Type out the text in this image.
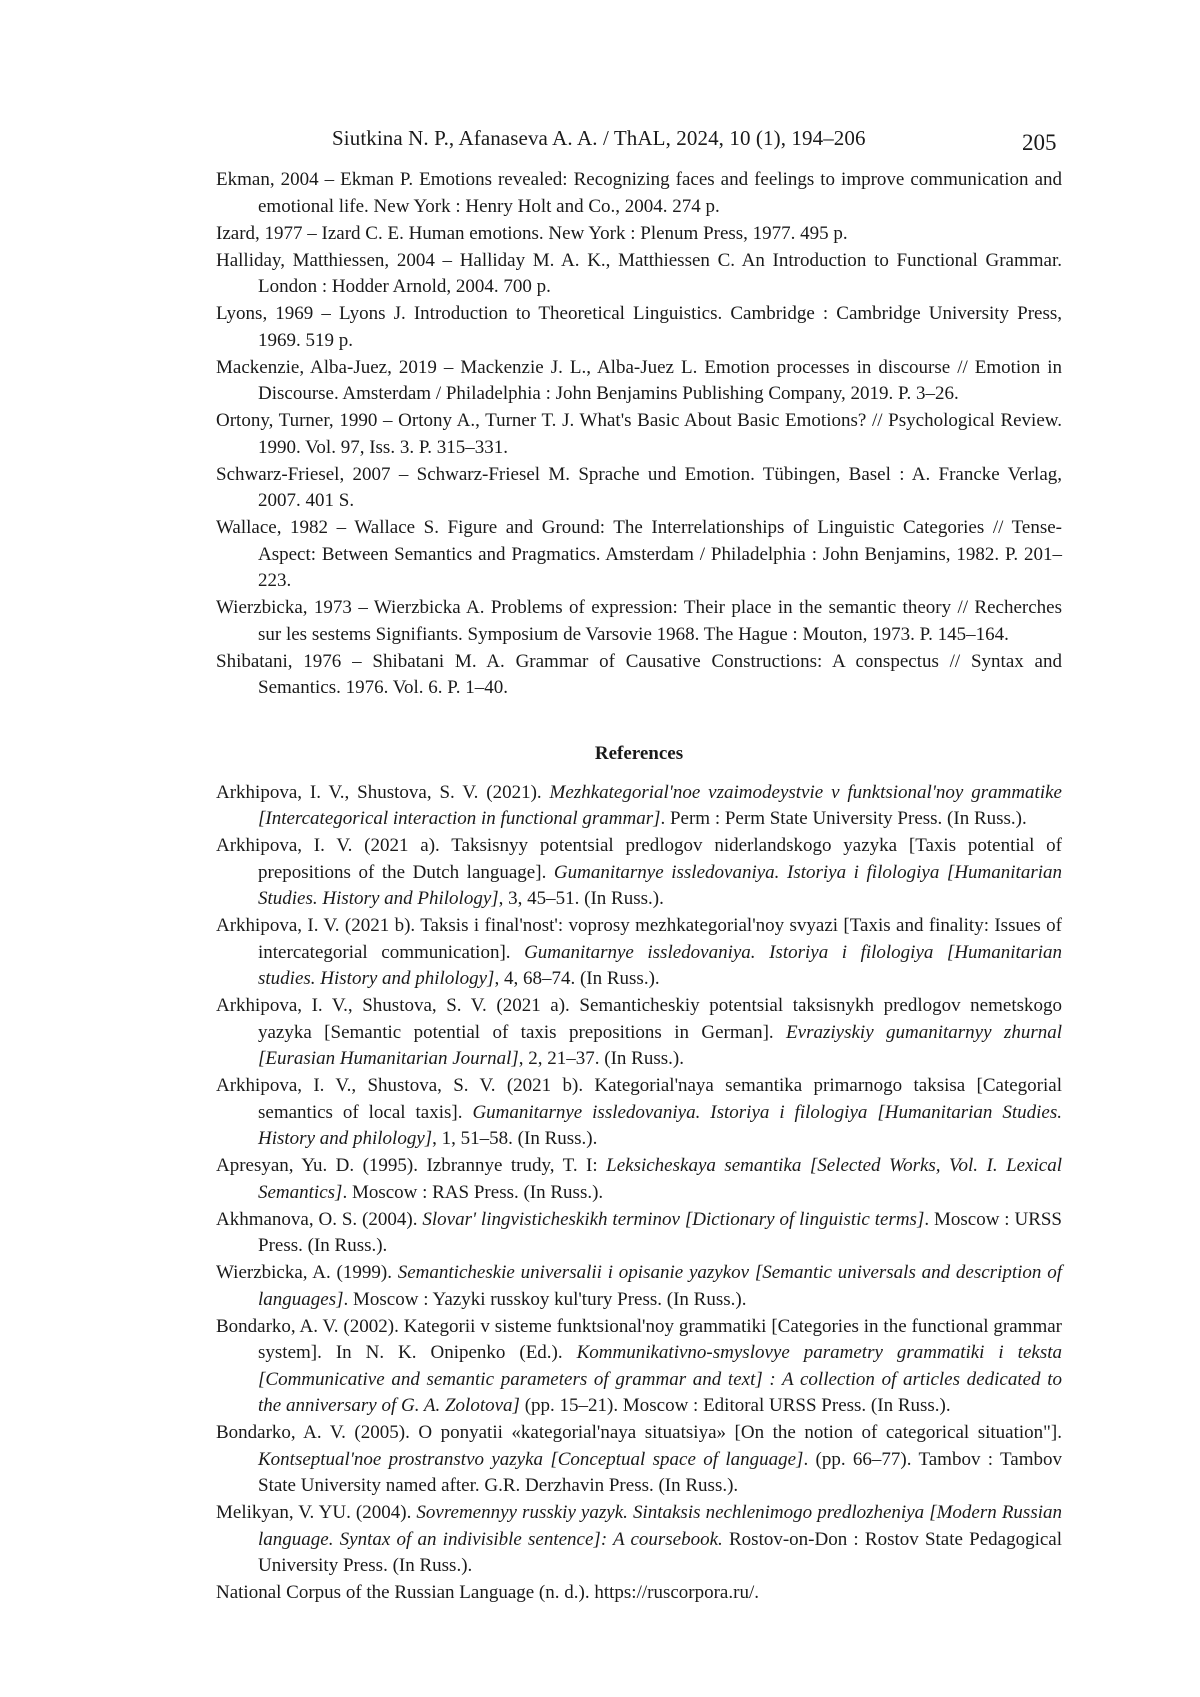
Siutkina N. P., Afanaseva A. A. / ThAL, 2024, 10 (1), 194–206	205

Ekman, 2004 – Ekman P. Emotions revealed: Recognizing faces and feelings to improve communication and emotional life. New York : Henry Holt and Co., 2004. 274 p.

Izard, 1977 – Izard C. E. Human emotions. New York : Plenum Press, 1977. 495 p.

Halliday, Matthiessen, 2004 – Halliday M. A. K., Matthiessen C. An Introduction to Functional Grammar. London : Hodder Arnold, 2004. 700 p.

Lyons, 1969 – Lyons J. Introduction to Theoretical Linguistics. Cambridge : Cambridge University Press, 1969. 519 p.

Mackenzie, Alba-Juez, 2019 – Mackenzie J. L., Alba-Juez L. Emotion processes in discourse // Emotion in Discourse. Amsterdam / Philadelphia : John Benjamins Publishing Company, 2019. P. 3–26.

Ortony, Turner, 1990 – Ortony A., Turner T. J. What's Basic About Basic Emotions? // Psychological Review. 1990. Vol. 97, Iss. 3. P. 315–331.

Schwarz-Friesel, 2007 – Schwarz-Friesel M. Sprache und Emotion. Tübingen, Basel : A. Francke Verlag, 2007. 401 S.

Wallace, 1982 – Wallace S. Figure and Ground: The Interrelationships of Linguistic Categories // Tense-Aspect: Between Semantics and Pragmatics. Amsterdam / Philadelphia : John Benjamins, 1982. P. 201–223.

Wierzbicka, 1973 – Wierzbicka A. Problems of expression: Their place in the semantic theory // Recherches sur les sestems Signifiants. Symposium de Varsovie 1968. The Hague : Mouton, 1973. P. 145–164.

Shibatani, 1976 – Shibatani M. A. Grammar of Causative Constructions: A conspectus // Syntax and Semantics. 1976. Vol. 6. P. 1–40.

References

Arkhipova, I. V., Shustova, S. V. (2021). Mezhkategorial'noe vzaimodeystvie v funktsional'noy grammatike [Intercategorical interaction in functional grammar]. Perm : Perm State University Press. (In Russ.).

Arkhipova, I. V. (2021 a). Taksisnyy potentsial predlogov niderlandskogo yazyka [Taxis potential of prepositions of the Dutch language]. Gumanitarnye issledovaniya. Istoriya i filologiya [Humanitarian Studies. History and Philology], 3, 45–51. (In Russ.).

Arkhipova, I. V. (2021 b). Taksis i final'nost': voprosy mezhkategorial'noy svyazi [Taxis and finality: Issues of intercategorial communication]. Gumanitarnye issledovaniya. Istoriya i filologiya [Humanitarian studies. History and philology], 4, 68–74. (In Russ.).

Arkhipova, I. V., Shustova, S. V. (2021 a). Semanticheskiy potentsial taksisnykh predlogov nemetskogo yazyka [Semantic potential of taxis prepositions in German]. Evraziyskiy gumanitarnyy zhurnal [Eurasian Humanitarian Journal], 2, 21–37. (In Russ.).

Arkhipova, I. V., Shustova, S. V. (2021 b). Kategorial'naya semantika primarnogo taksisa [Categorial semantics of local taxis]. Gumanitarnye issledovaniya. Istoriya i filologiya [Humanitarian Studies. History and philology], 1, 51–58. (In Russ.).

Apresyan, Yu. D. (1995). Izbrannye trudy, T. I: Leksicheskaya semantika [Selected Works, Vol. I. Lexical Semantics]. Moscow : RAS Press. (In Russ.).

Akhmanova, O. S. (2004). Slovar' lingvisticheskikh terminov [Dictionary of linguistic terms]. Moscow : URSS Press. (In Russ.).

Wierzbicka, A. (1999). Semanticheskie universalii i opisanie yazykov [Semantic universals and description of languages]. Moscow : Yazyki russkoy kul'tury Press. (In Russ.).

Bondarko, A. V. (2002). Kategorii v sisteme funktsional'noy grammatiki [Categories in the functional grammar system]. In N. K. Onipenko (Ed.). Kommunikativno-smyslovye parametry grammatiki i teksta [Communicative and semantic parameters of grammar and text] : A collection of articles dedicated to the anniversary of G. A. Zolotova] (pp. 15–21). Moscow : Editoral URSS Press. (In Russ.).

Bondarko, A. V. (2005). O ponyatii «kategorial'naya situatsiya» [On the notion of categorical situation"]. Kontseptual'noe prostranstvo yazyka [Conceptual space of language]. (pp. 66–77). Tambov : Tambov State University named after. G.R. Derzhavin Press. (In Russ.).

Melikyan, V. YU. (2004). Sovremennyy russkiy yazyk. Sintaksis nechlenimogo predlozheniya [Modern Russian language. Syntax of an indivisible sentence]: A coursebook. Rostov-on-Don : Rostov State Pedagogical University Press. (In Russ.).

National Corpus of the Russian Language (n. d.). https://ruscorpora.ru/.
